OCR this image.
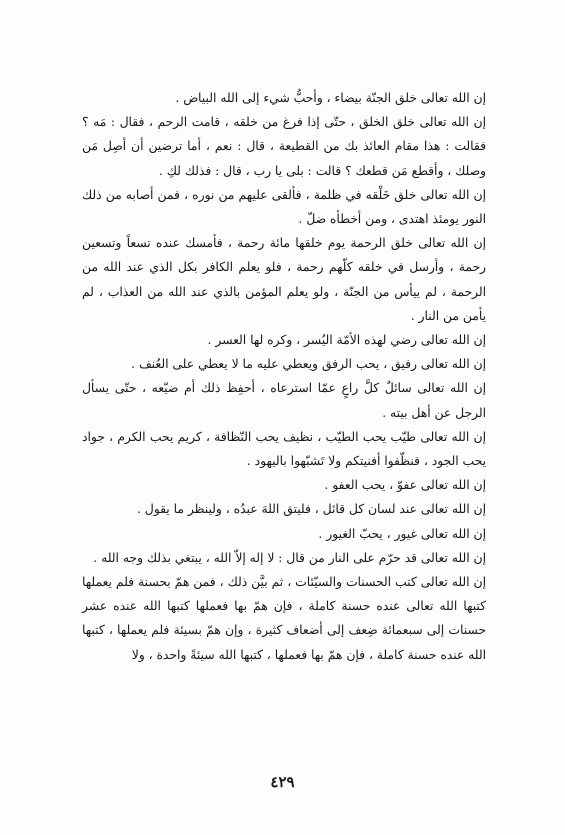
إن الله تعالى خلق الجنّة بيضاء ، وأحبُّ شيء إلى الله البياض .

إن الله تعالى خلق الخلق ، حتّى إذا فرغ من خلقه ، قامت الرحم ، فقال : مَه ؟ فقالت : هذا مقام العائذ بك من القطيعة ، قال : نعم ، أما ترضين أن أصِل مَن وصلك ، وأقطع مَن قطعك ؟ قالت : بلى يا رب ، قال : فذلك لكِ .

إن الله تعالى خلق خَلْقه في ظلمة ، فألقى عليهم من نوره ، فمن أصابه من ذلك النور يومئذ اهتدى ، ومن أخطأه ضلّ .

إن الله تعالى خلق الرحمة يوم خلقها مائة رحمة ، فأمسك عنده تسعاً وتسعين رحمة ، وأرسل في خلقه كلّهم رحمة ، فلو يعلم الكافر بكل الذي عند الله من الرحمة ، لم ييأس من الجنّة ، ولو يعلم المؤمن بالذي عند الله من العذاب ، لم يأمن من النار .

إن الله تعالى رضي لهذه الأمّة اليُسر ، وكره لها العسر .

إن الله تعالى رفيق ، يحب الرفق ويعطي عليه ما لا يعطي على العُنف .

إن الله تعالى سائلٌ كلَّ راعٍ عمّا استرعاه ، أحفِظ ذلك أم ضيّعه ، حتّى يسأل الرجل عن أهل بيته .

إن الله تعالى طيّب يحب الطيّب ، نظيف يحب النّظافة ، كريم يحب الكرم ، جواد يحب الجود ، فنظّفوا أفنيتكم ولا تَشبّهوا باليهود .

إن الله تعالى عفوّ ، يحب العفو .

إن الله تعالى عند لسان كل قائل ، فليتق اللهَ عبدُه ، ولينظر ما يقول .

إن الله تعالى غيور ، يحبّ الغيور .

إن الله تعالى قد حرّم على النار من قال : لا إله إلاّ الله ، يبتغي بذلك وجه الله .

إن الله تعالى كتب الحسنات والسيّئات ، ثم بيَّن ذلك ، فمن همّ بحسنة فلم يعملها كتبها الله تعالى عنده حسنة كاملة ، فإن همّ بها فعملها كتبها الله عنده عشر حسنات إلى سبعمائة ضِعف إلى أضعاف كثيرة ، وإن همّ بسيئة فلم يعملها ، كتبها الله عنده حسنة كاملة ، فإن همّ بها فعملها ، كتبها الله سيئةً واحدة ، ولا

٤٢٩
